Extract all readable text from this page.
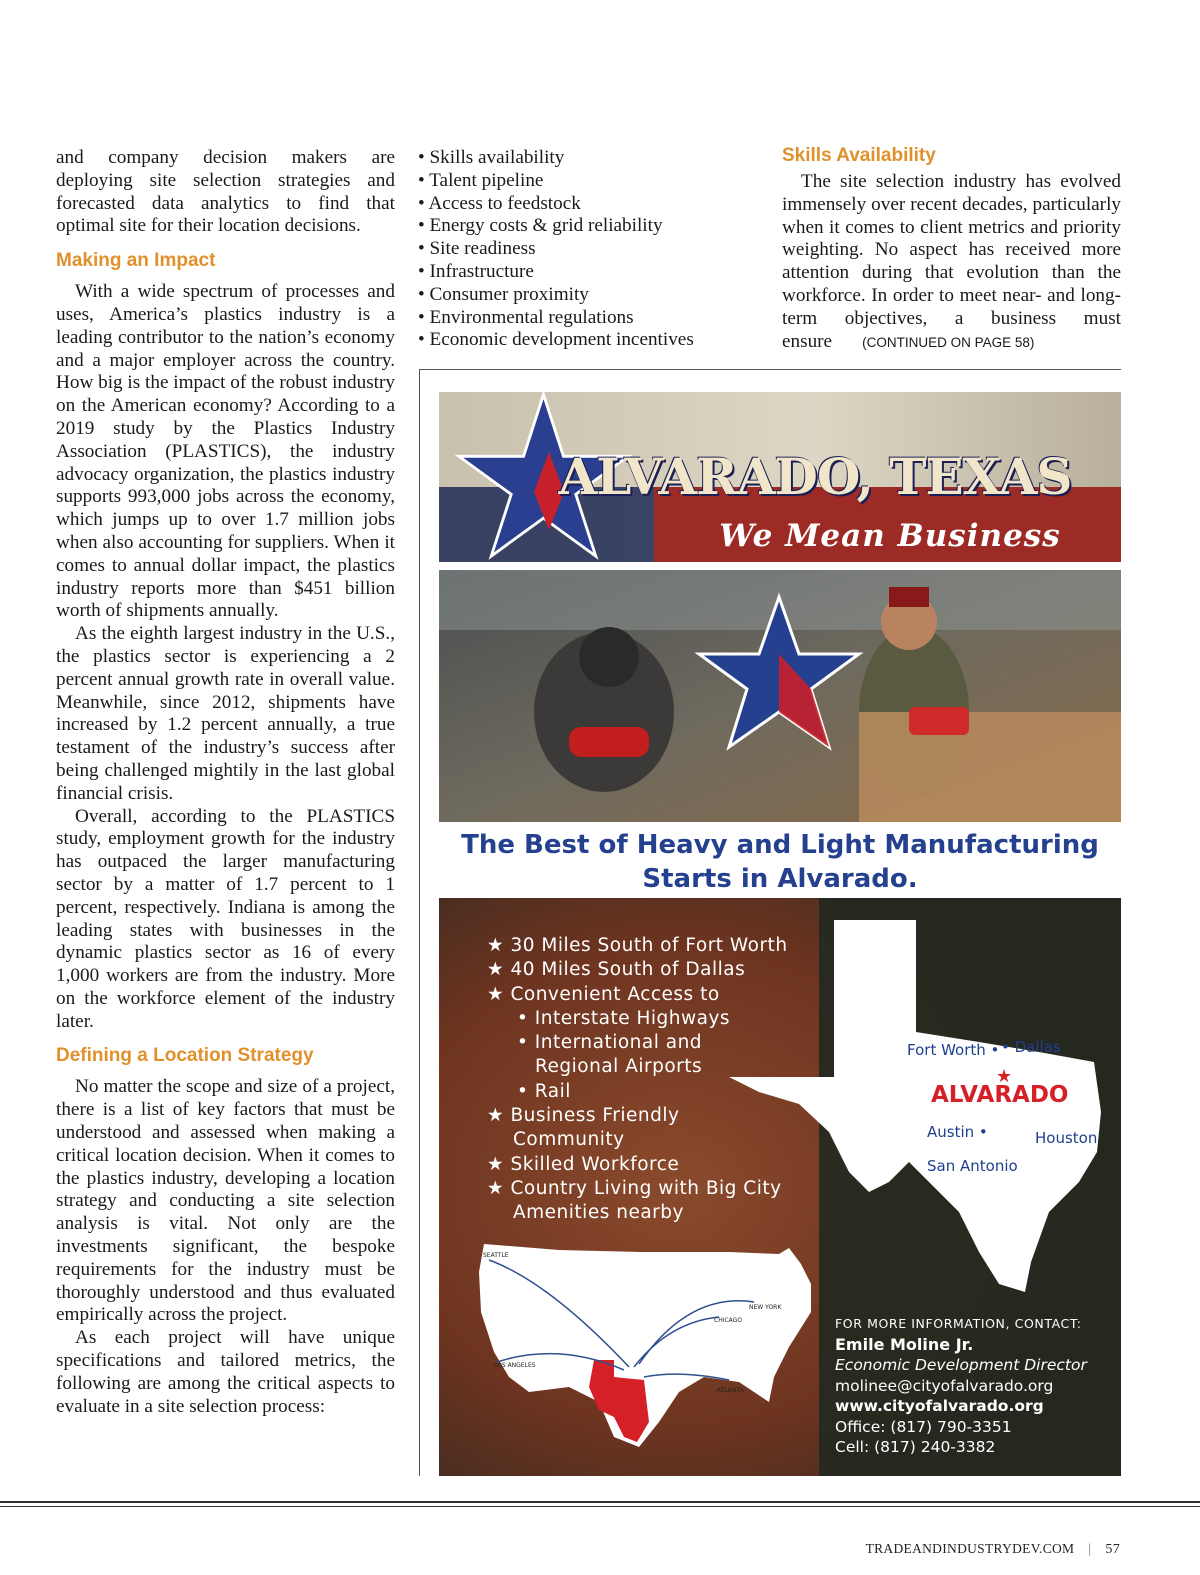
and company decision makers are deploying site selection strategies and forecasted data analytics to find that optimal site for their location decisions.

Making an Impact

With a wide spectrum of processes and uses, America’s plastics industry is a leading contributor to the nation’s economy and a major employer across the country. How big is the impact of the robust industry on the American economy? According to a 2019 study by the Plastics Industry Association (PLASTICS), the industry advocacy organization, the plastics industry supports 993,000 jobs across the economy, which jumps up to over 1.7 million jobs when also accounting for suppliers. When it comes to annual dollar impact, the plastics industry reports more than $451 billion worth of shipments annually.

As the eighth largest industry in the U.S., the plastics sector is experiencing a 2 percent annual growth rate in overall value. Meanwhile, since 2012, shipments have increased by 1.2 percent annually, a true testament of the industry’s success after being challenged mightily in the last global financial crisis.

Overall, according to the PLASTICS study, employment growth for the industry has outpaced the larger manufacturing sector by a matter of 1.7 percent to 1 percent, respectively. Indiana is among the leading states with businesses in the dynamic plastics sector as 16 of every 1,000 workers are from the industry. More on the workforce element of the industry later.

Defining a Location Strategy

No matter the scope and size of a project, there is a list of key factors that must be understood and assessed when making a critical location decision. When it comes to the plastics industry, developing a location strategy and conducting a site selection analysis is vital. Not only are the investments significant, the bespoke requirements for the industry must be thoroughly understood and thus evaluated empirically across the project.

As each project will have unique specifications and tailored metrics, the following are among the critical aspects to evaluate in a site selection process:

• Skills availability
• Talent pipeline
• Access to feedstock
• Energy costs & grid reliability
• Site readiness
• Infrastructure
• Consumer proximity
• Environmental regulations
• Economic development incentives
Skills Availability

The site selection industry has evolved immensely over recent decades, particularly when it comes to client metrics and priority weighting. No aspect has received more attention during that evolution than the workforce. In order to meet near- and long-term objectives, a business must ensure (CONTINUED ON PAGE 58)

★
ALVARADO, TEXAS
We Mean Business
The Best of Heavy and Light Manufacturing
Starts in Alvarado.
★ 30 Miles South of Fort Worth
★ 40 Miles South of Dallas
★ Convenient Access to
• Interstate Highways
• International and
Regional Airports
• Rail
★ Business Friendly
Community
★ Skilled Workforce
★ Country Living with Big City
Amenities nearby
Fort Worth • • Dallas
ALVARADO
Austin •	Houston
San Antonio
SEATTLE
NEW YORK
CHICAGO
LOS ANGELES
ATLANTA
FOR MORE INFORMATION, CONTACT:
Emile Moline Jr.
Economic Development Director
molinee@cityofalvarado.org
www.cityofalvarado.org
Office: (817) 790-3351
Cell: (817) 240-3382
TRADEANDINDUSTRYDEV.COM | 57
